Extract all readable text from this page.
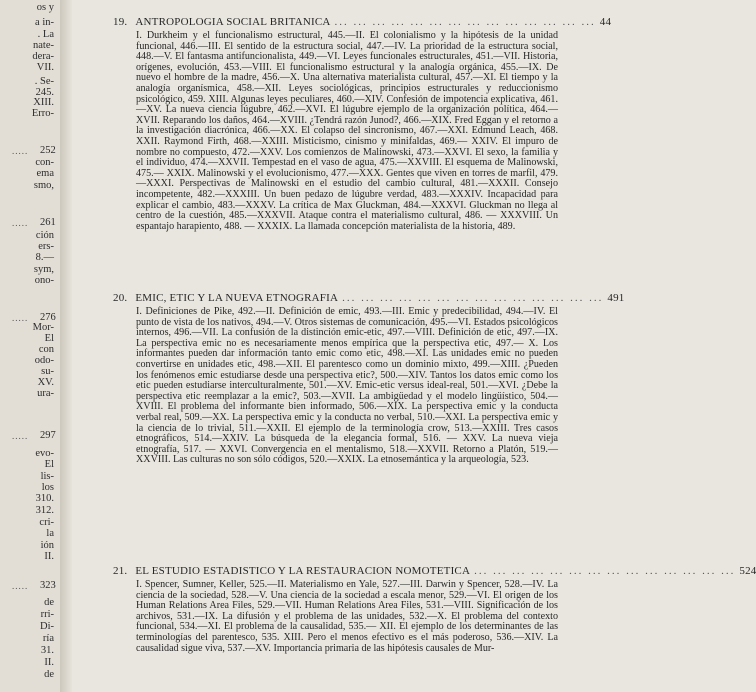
os y
a in-
. La
nate-
dera-
VII.
. Se-
245.
XIII.
Erro-
con-
ema
smo,
ción
ers-
8.—
sym,
ono-
Mor-
El
con
odo-
su-
XV.
ura-
evo-
El
lis-
los
310.
312.
cri-
la
ión
II.
de
rri-
Di-
ría
31.
II.
de
..... 252
..... 261
..... 276
..... 297
..... 323
19. ANTROPOLOGIA SOCIAL BRITANICA ... ... ... ... ... ... ... ... ... ... ... ... ... ... 44
I. Durkheim y el funcionalismo estructural, 445.—II. El colonialismo y la hipótesis de la unidad funcional, 446.—III. El sentido de la estructura social, 447.—IV. La prioridad de la estructura social, 448.—V. El fantasma antifuncionalista, 449.—VI. Leyes funcionales estructurales, 451.—VII. Historia, orígenes, evolución, 453.—VIII. El funcionalismo estructural y la analogía orgánica, 455.—IX. De nuevo el hombre de la madre, 456.—X. Una alternativa materialista cultural, 457.—XI. El tiempo y la analogía organísmica, 458.—XII. Leyes sociológicas, principios estructurales y reduccionismo psicológico, 459. XIII. Algunas leyes peculiares, 460.—XIV. Confesión de impotencia explicativa, 461.—XV. La nueva ciencia lúgubre, 462.—XVI. El lúgubre ejemplo de la organización política, 464.—XVII. Reparando los daños, 464.—XVIII. ¿Tendrá razón Junod?, 466.—XIX. Fred Eggan y el retorno a la investigación diacrónica, 466.—XX. El colapso del sincronismo, 467.—XXI. Edmund Leach, 468. XXII. Raymond Firth, 468.—XXIII. Misticismo, cinismo y minifaldas, 469.— XXIV. El impuro de nombre no compuesto, 472.—XXV. Los comienzos de Malinowski, 473.—XXVI. El sexo, la familia y el individuo, 474.—XXVII. Tempestad en el vaso de agua, 475.—XXVIII. El esquema de Malinowski, 475.— XXIX. Malinowski y el evolucionismo, 477.—XXX. Gentes que viven en torres de marfil, 479.—XXXI. Perspectivas de Malinowski en el estudio del cambio cultural, 481.—XXXII. Consejo incompetente, 482.—XXXIII. Un buen pedazo de lúgubre verdad, 483.—XXXIV. Incapacidad para explicar el cambio, 483.—XXXV. La crítica de Max Gluckman, 484.—XXXVI. Gluckman no llega al centro de la cuestión, 485.—XXXVII. Ataque contra el materialismo cultural, 486. — XXXVIII. Un espantajo harapiento, 488. — XXXIX. La llamada concepción materialista de la historia, 489.
20. EMIC, ETIC Y LA NUEVA ETNOGRAFIA ... ... ... ... ... ... ... ... ... ... ... ... ... ... 491
I. Definiciones de Pike, 492.—II. Definición de emic, 493.—III. Emic y predecibilidad, 494.—IV. El punto de vista de los nativos, 494.—V. Otros sistemas de comunicación, 495.—VI. Estados psicológicos internos, 496.—VII. La confusión de la distinción emic-etic, 497.—VIII. Definición de etic, 497.—IX. La perspectiva emic no es necesariamente menos empírica que la perspectiva etic, 497.— X. Los informantes pueden dar información tanto emic como etic, 498.—XI. Las unidades emic no pueden convertirse en unidades etic, 498.—XII. El parentesco como un dominio mixto, 499.—XIII. ¿Pueden los fenómenos emic estudiarse desde una perspectiva etic?, 500.—XIV. Tantos los datos emic como los etic pueden estudiarse interculturalmente, 501.—XV. Emic-etic versus ideal-real, 501.—XVI. ¿Debe la perspectiva etic reemplazar a la emic?, 503.—XVII. La ambigüedad y el modelo lingüístico, 504.—XVIII. El problema del informante bien informado, 506.—XIX. La perspectiva emic y la conducta verbal real, 509.—XX. La perspectiva emic y la conducta no verbal, 510.—XXI. La perspectiva emic y la ciencia de lo trivial, 511.—XXII. El ejemplo de la terminología crow, 513.—XXIII. Tres casos etnográficos, 514.—XXIV. La búsqueda de la elegancia formal, 516. — XXV. La nueva vieja etnografía, 517. — XXVI. Convergencia en el mentalismo, 518.—XXVII. Retorno a Platón, 519.—XXVIII. Las culturas no son sólo códigos, 520.—XXIX. La etnosemántica y la arqueología, 523.
21. EL ESTUDIO ESTADISTICO Y LA RESTAURACION NOMOTETICA ... ... ... ... ... ... ... ... ... ... ... ... ... ... 524
I. Spencer, Sumner, Keller, 525.—II. Materialismo en Yale, 527.—III. Darwin y Spencer, 528.—IV. La ciencia de la sociedad, 528.—V. Una ciencia de la sociedad a escala menor, 529.—VI. El origen de los Human Relations Area Files, 529.—VII. Human Relations Area Files, 531.—VIII. Significación de los archivos, 531.—IX. La difusión y el problema de las unidades, 532.—X. El problema del contexto funcional, 534.—XI. El problema de la causalidad, 535.— XII. El ejemplo de los determinantes de las terminologías del parentesco, 535. XIII. Pero el menos efectivo es el más poderoso, 536.—XIV. La causalidad sigue viva, 537.—XV. Importancia primaria de las hipótesis causales de Mur-
